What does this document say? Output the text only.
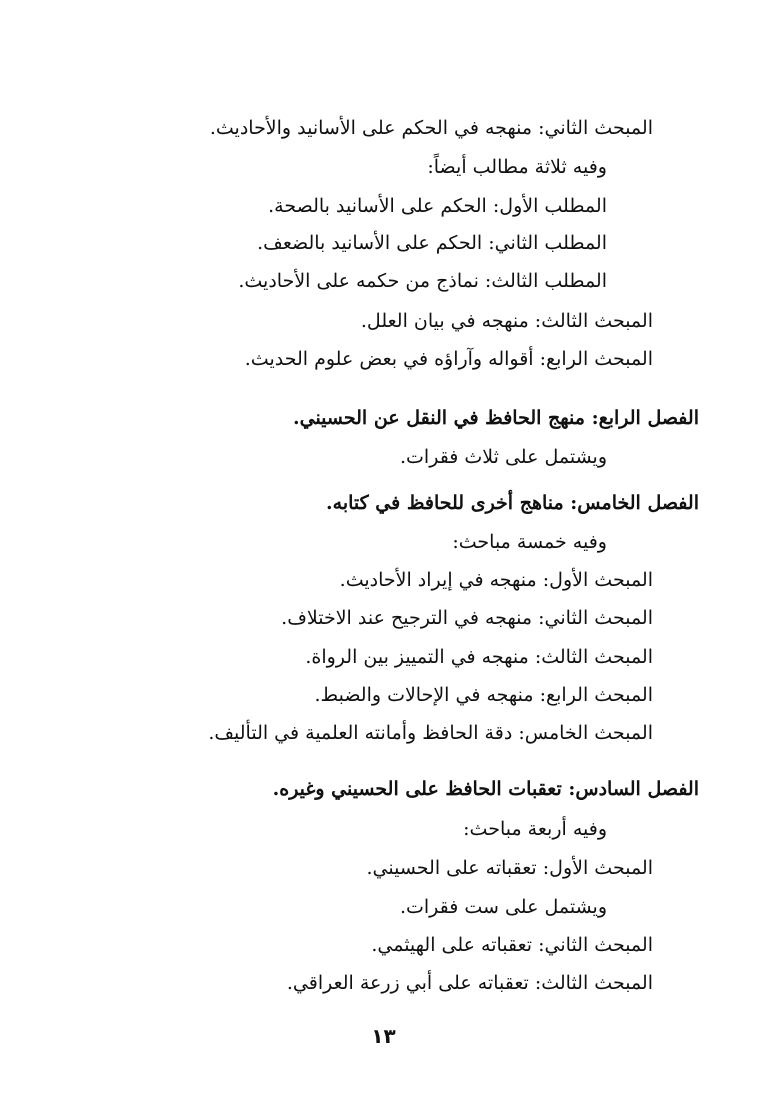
المبحث الثاني: منهجه في الحكم على الأسانيد والأحاديث.
وفيه ثلاثة مطالب أيضاً:
المطلب الأول: الحكم على الأسانيد بالصحة.
المطلب الثاني: الحكم على الأسانيد بالضعف.
المطلب الثالث: نماذج من حكمه على الأحاديث.
المبحث الثالث: منهجه في بيان العلل.
المبحث الرابع: أقواله وآراؤه في بعض علوم الحديث.
الفصل الرابع: منهج الحافظ في النقل عن الحسيني.
ويشتمل على ثلاث فقرات.
الفصل الخامس: مناهج أخرى للحافظ في كتابه.
وفيه خمسة مباحث:
المبحث الأول: منهجه في إيراد الأحاديث.
المبحث الثاني: منهجه في الترجيح عند الاختلاف.
المبحث الثالث: منهجه في التمييز بين الرواة.
المبحث الرابع: منهجه في الإحالات والضبط.
المبحث الخامس: دقة الحافظ وأمانته العلمية في التأليف.
الفصل السادس: تعقبات الحافظ على الحسيني وغيره.
وفيه أربعة مباحث:
المبحث الأول: تعقباته على الحسيني.
ويشتمل على ست فقرات.
المبحث الثاني: تعقباته على الهيثمي.
المبحث الثالث: تعقباته على أبي زرعة العراقي.
١٣
